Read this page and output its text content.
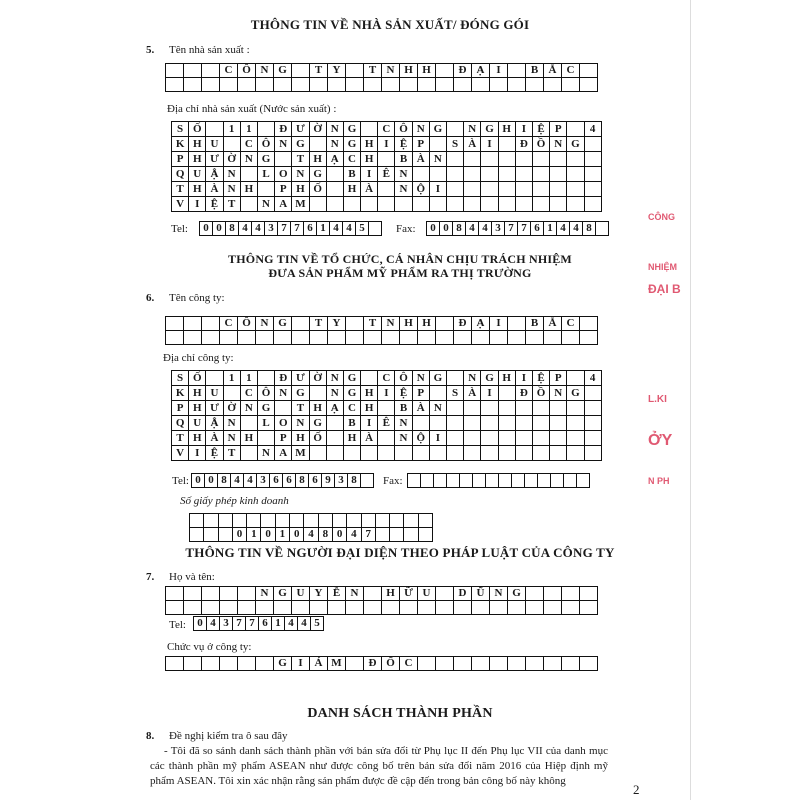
THÔNG TIN VỀ NHÀ SẢN XUẤT/ ĐÓNG GÓI
5. Tên nhà sản xuất :
C Ô N G	T Y	T N H H	Đ Ạ	I	B Ắ C
Địa chỉ nhà sản xuất (Nước sản xuất) :
S Ố	1	1	Đ Ư Ờ N G	C Ô N G	N G H I	Ệ P	4
K H U	C Ô N G	N G H I	Ệ P	S À	I	Đ Ồ N G
P H Ư Ờ N G	T H Ạ C H	B À N
Q U Ậ N	L O N G	B	I	Ê N
T H À N H	P H Ố	H À	N Ộ I
V	I	Ệ T	N A M
Tel: 0 0 8 4 4 3 7 7 6 1 4 4 5	Fax: 0 0 8 4 4 3 7 7 6 1 4 4 8
THÔNG TIN VỀ TỔ CHỨC, CÁ NHÂN CHỊU TRÁCH NHIỆM
ĐƯA SẢN PHẨM MỸ PHẨM RA THỊ TRƯỜNG
6. Tên công ty:
C Ô N G	T Y	T N H H	Đ Ạ	I	B Ắ C
Địa chỉ công ty:
S Ố	1	1	Đ Ư Ờ N G	C Ô N G	N G H I	Ệ P	4
K H U	C Ô N G	N G H I	Ệ P	S À	I	Đ Ồ N G
P H Ư Ờ N G	T H Ạ C H	B À N
Q U Ậ N	L O N G	B	I	Ê N
T H À N H	P H Ố	H À	N Ộ I
V	I	Ệ T	N A M
Tel: 0 0 8 4 4 3 6 6 8 6 9 3 8	Fax:
Số giấy phép kinh doanh
0 1 0 1 0 4 8 0 4 7
THÔNG TIN VỀ NGƯỜI ĐẠI DIỆN THEO PHÁP LUẬT CỦA CÔNG TY
7. Họ và tên:
N G U Y Ễ N	H Ữ U	D Ũ N G
Tel: 0 4 3 7 7 6 1 4 4 5
Chức vụ ở công ty:
G	I	Á M	Đ Ố C
DANH SÁCH THÀNH PHẦN
8. Đề nghị kiểm tra ô sau đây
- Tôi đã so sánh danh sách thành phần với bản sửa đổi từ Phụ lục II đến Phụ lục VII của danh mục các thành phần mỹ phẩm ASEAN như được công bố trên bản sửa đổi năm 2016 của Hiệp định mỹ phẩm ASEAN. Tôi xin xác nhận rằng sản phẩm được đề cập đến trong bản công bố này không
2
CÔNG
NHIỆM
ĐẠI B
L.KI
ỞY
N PH
